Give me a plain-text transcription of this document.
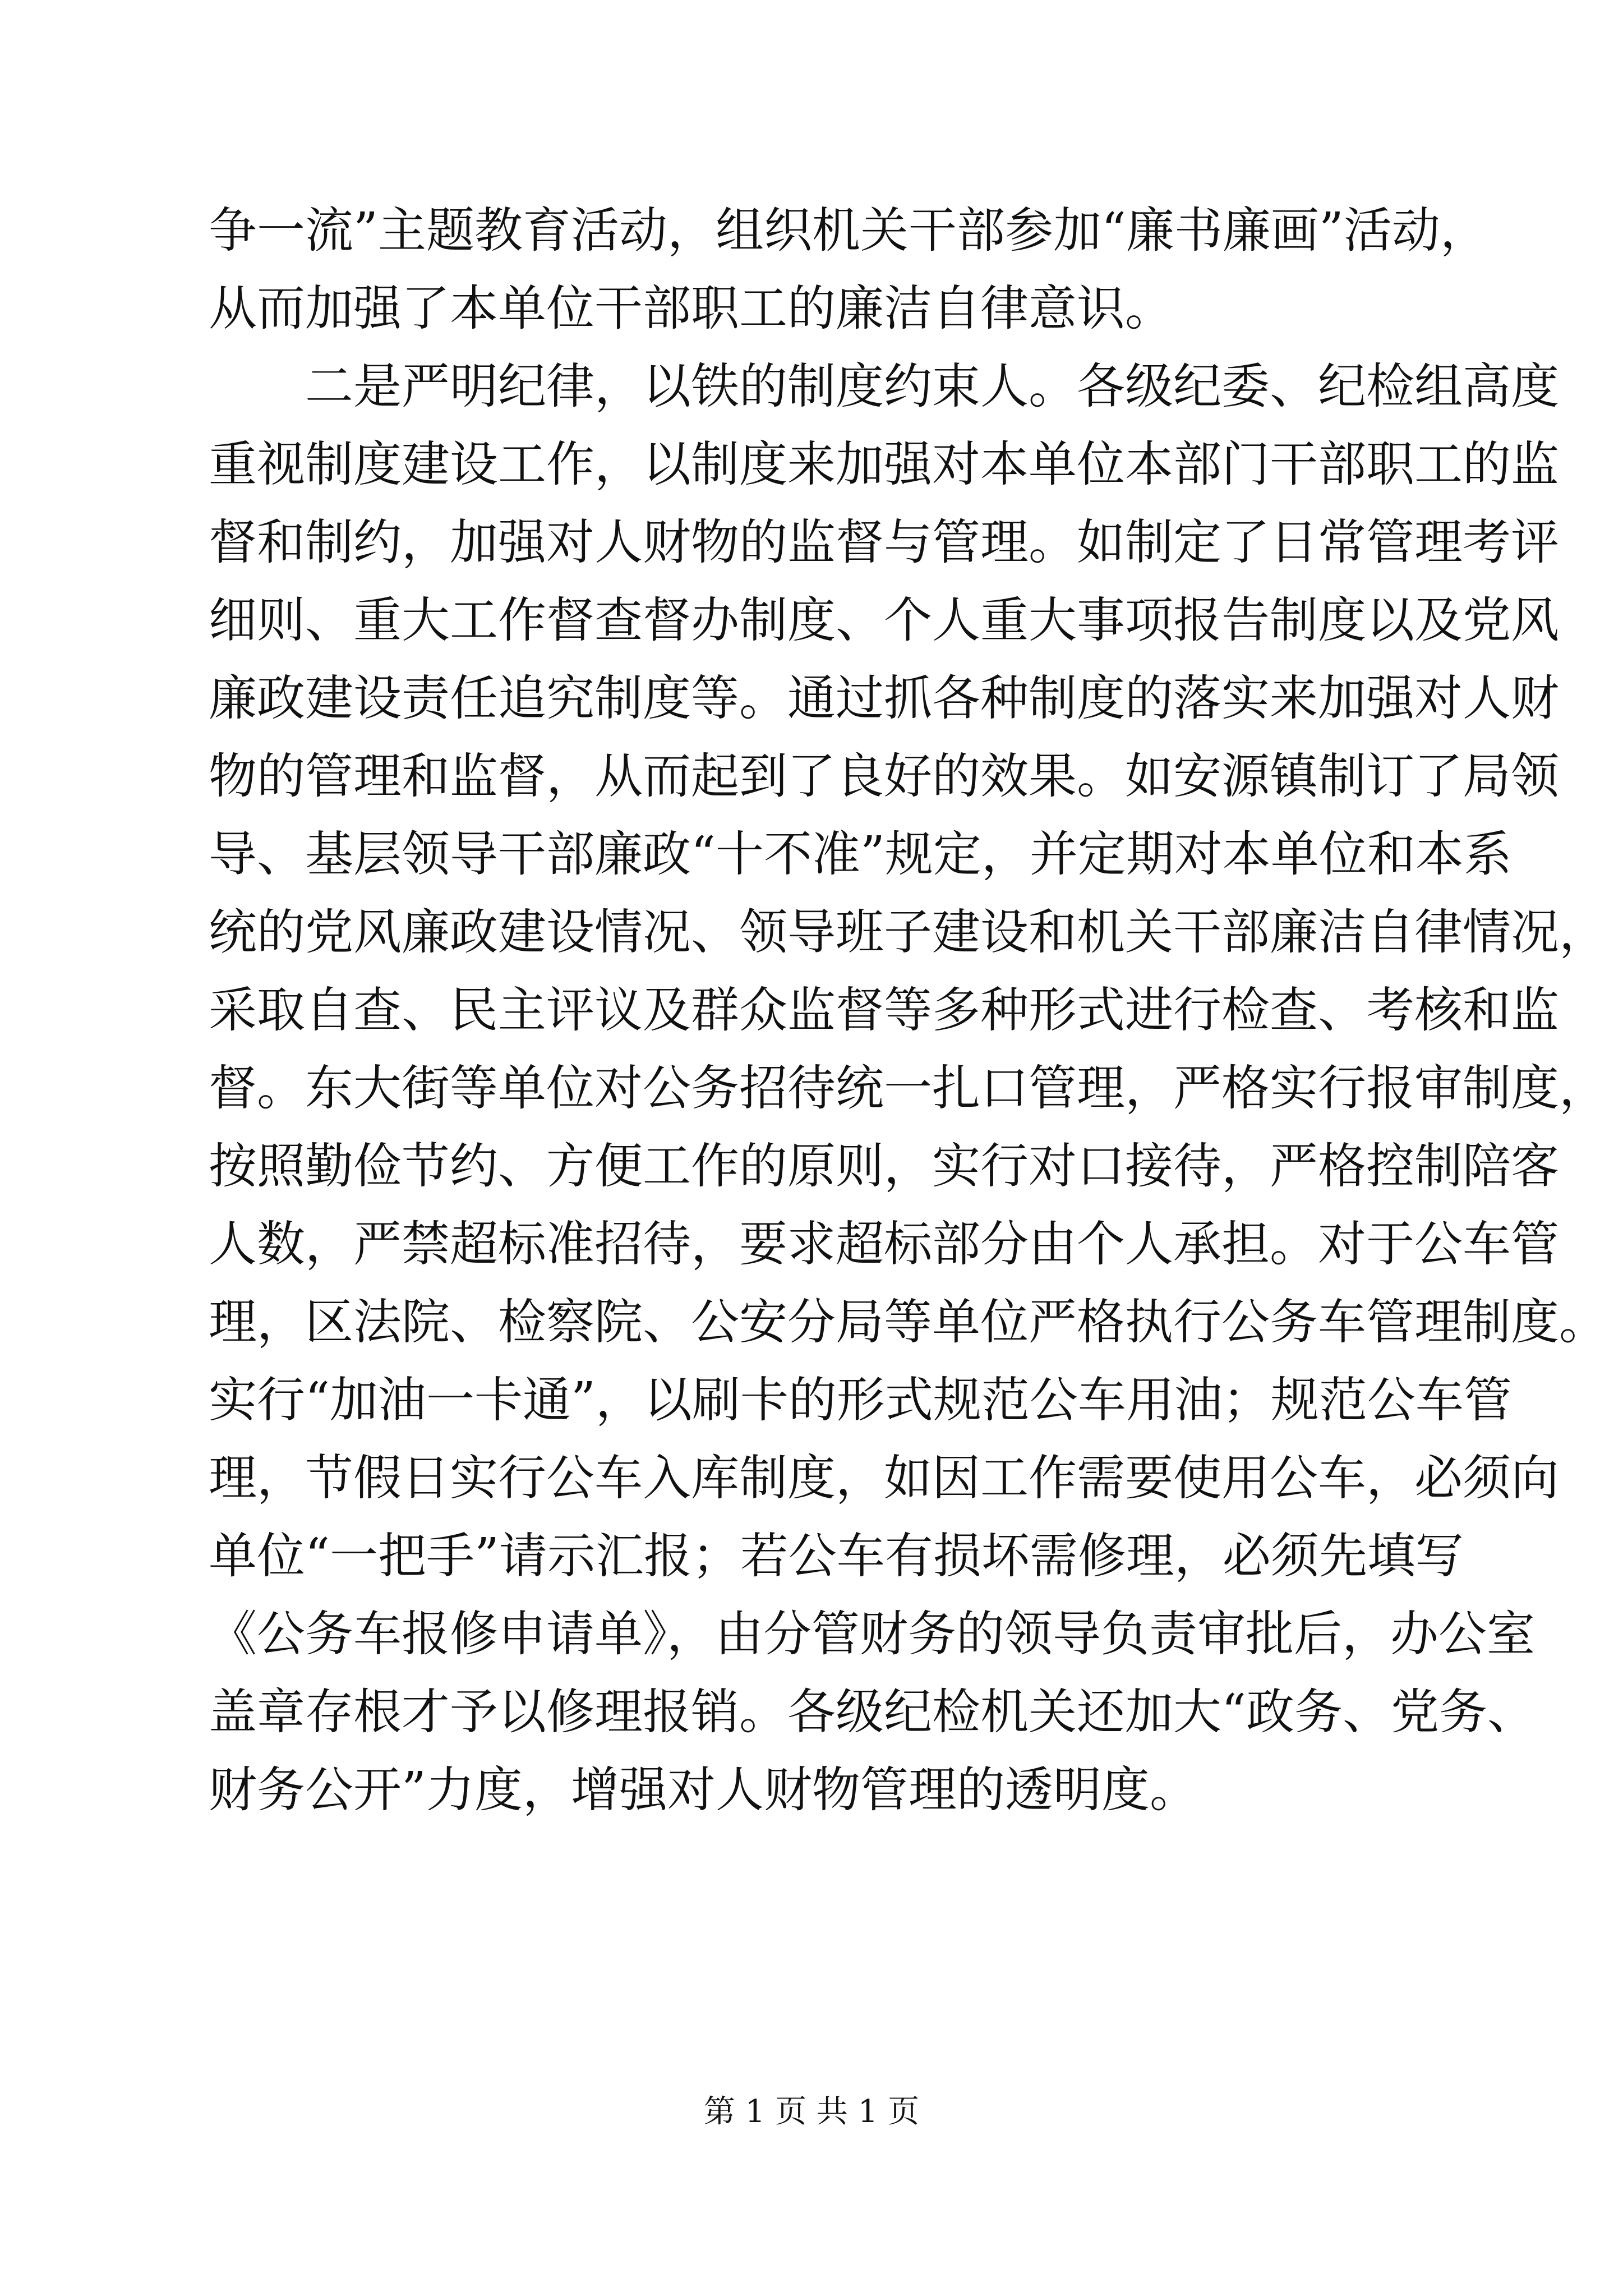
争一流”主题教育活动，组织机关干部参加“廉书廉画”活动，
从而加强了本单位干部职工的廉洁自律意识。
二是严明纪律，以铁的制度约束人。各级纪委、纪检组高度
重视制度建设工作，以制度来加强对本单位本部门干部职工的监
督和制约，加强对人财物的监督与管理。如制定了日常管理考评
细则、重大工作督查督办制度、个人重大事项报告制度以及党风
廉政建设责任追究制度等。通过抓各种制度的落实来加强对人财
物的管理和监督，从而起到了良好的效果。如安源镇制订了局领
导、基层领导干部廉政“十不准”规定，并定期对本单位和本系
统的党风廉政建设情况、领导班子建设和机关干部廉洁自律情况，
采取自查、民主评议及群众监督等多种形式进行检查、考核和监
督。东大街等单位对公务招待统一扎口管理，严格实行报审制度，
按照勤俭节约、方便工作的原则，实行对口接待，严格控制陪客
人数，严禁超标准招待，要求超标部分由个人承担。对于公车管
理，区法院、检察院、公安分局等单位严格执行公务车管理制度。
实行“加油一卡通”，以刷卡的形式规范公车用油；规范公车管
理，节假日实行公车入库制度，如因工作需要使用公车，必须向
单位“一把手”请示汇报；若公车有损坏需修理，必须先填写
《公务车报修申请单》，由分管财务的领导负责审批后，办公室
盖章存根才予以修理报销。各级纪检机关还加大“政务、党务、
财务公开”力度，增强对人财物管理的透明度。
第 1 页 共 1 页
